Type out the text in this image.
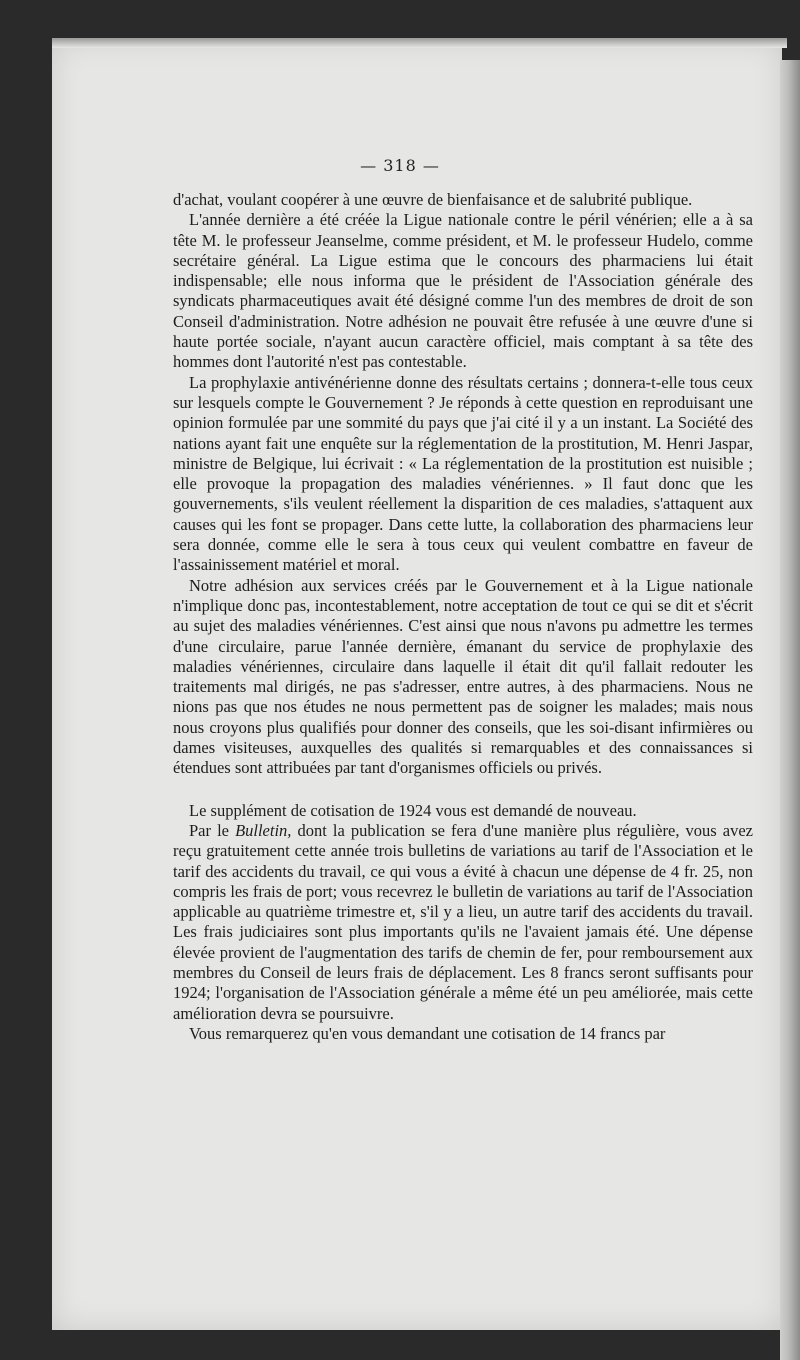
— 318 —

d'achat, voulant coopérer à une œuvre de bienfaisance et de salubrité publique.

L'année dernière a été créée la Ligue nationale contre le péril vénérien; elle a à sa tête M. le professeur Jeanselme, comme président, et M. le professeur Hudelo, comme secrétaire général. La Ligue estima que le concours des pharmaciens lui était indispensable; elle nous informa que le président de l'Association générale des syndicats pharmaceutiques avait été désigné comme l'un des membres de droit de son Conseil d'administration. Notre adhésion ne pouvait être refusée à une œuvre d'une si haute portée sociale, n'ayant aucun caractère officiel, mais comptant à sa tête des hommes dont l'autorité n'est pas contestable.

La prophylaxie antivénérienne donne des résultats certains ; donnera-t-elle tous ceux sur lesquels compte le Gouvernement ? Je réponds à cette question en reproduisant une opinion formulée par une sommité du pays que j'ai cité il y a un instant. La Société des nations ayant fait une enquête sur la réglementation de la prostitution, M. Henri Jaspar, ministre de Belgique, lui écrivait : « La réglementation de la prostitution est nuisible ; elle provoque la propagation des maladies vénériennes. » Il faut donc que les gouvernements, s'ils veulent réellement la disparition de ces maladies, s'attaquent aux causes qui les font se propager. Dans cette lutte, la collaboration des pharmaciens leur sera donnée, comme elle le sera à tous ceux qui veulent combattre en faveur de l'assainissement matériel et moral.

Notre adhésion aux services créés par le Gouvernement et à la Ligue nationale n'implique donc pas, incontestablement, notre acceptation de tout ce qui se dit et s'écrit au sujet des maladies vénériennes. C'est ainsi que nous n'avons pu admettre les termes d'une circulaire, parue l'année dernière, émanant du service de prophylaxie des maladies vénériennes, circulaire dans laquelle il était dit qu'il fallait redouter les traitements mal dirigés, ne pas s'adresser, entre autres, à des pharmaciens. Nous ne nions pas que nos études ne nous permettent pas de soigner les malades; mais nous nous croyons plus qualifiés pour donner des conseils, que les soi-disant infirmières ou dames visiteuses, auxquelles des qualités si remarquables et des connaissances si étendues sont attribuées par tant d'organismes officiels ou privés.

Le supplément de cotisation de 1924 vous est demandé de nouveau.

Par le Bulletin, dont la publication se fera d'une manière plus régulière, vous avez reçu gratuitement cette année trois bulletins de variations au tarif de l'Association et le tarif des accidents du travail, ce qui vous a évité à chacun une dépense de 4 fr. 25, non compris les frais de port; vous recevrez le bulletin de variations au tarif de l'Association applicable au quatrième trimestre et, s'il y a lieu, un autre tarif des accidents du travail. Les frais judiciaires sont plus importants qu'ils ne l'avaient jamais été. Une dépense élevée provient de l'augmentation des tarifs de chemin de fer, pour remboursement aux membres du Conseil de leurs frais de déplacement. Les 8 francs seront suffisants pour 1924; l'organisation de l'Association générale a même été un peu améliorée, mais cette amélioration devra se poursuivre.

Vous remarquerez qu'en vous demandant une cotisation de 14 francs par
